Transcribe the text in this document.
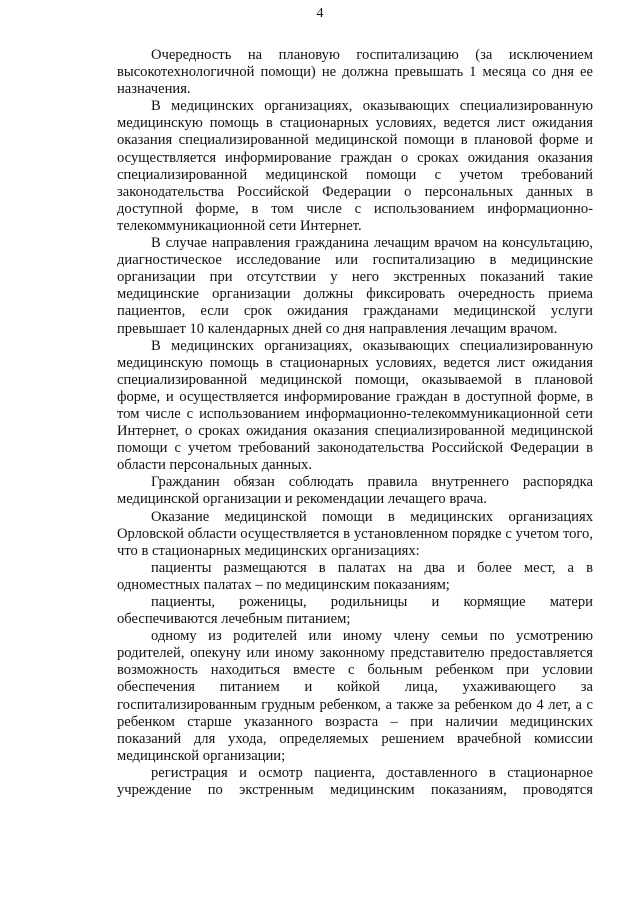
4

Очередность на плановую госпитализацию (за исключением высокотехнологичной помощи) не должна превышать 1 месяца со дня ее назначения.

В медицинских организациях, оказывающих специализированную медицинскую помощь в стационарных условиях, ведется лист ожидания оказания специализированной медицинской помощи в плановой форме и осуществляется информирование граждан о сроках ожидания оказания специализированной медицинской помощи с учетом требований законодательства Российской Федерации о персональных данных в доступной форме, в том числе с использованием информационно-телекоммуникационной сети Интернет.

В случае направления гражданина лечащим врачом на консультацию, диагностическое исследование или госпитализацию в медицинские организации при отсутствии у него экстренных показаний такие медицинские организации должны фиксировать очередность приема пациентов, если срок ожидания гражданами медицинской услуги превышает 10 календарных дней со дня направления лечащим врачом.

В медицинских организациях, оказывающих специализированную медицинскую помощь в стационарных условиях, ведется лист ожидания специализированной медицинской помощи, оказываемой в плановой форме, и осуществляется информирование граждан в доступной форме, в том числе с использованием информационно-телекоммуникационной сети Интернет, о сроках ожидания оказания специализированной медицинской помощи с учетом требований законодательства Российской Федерации в области персональных данных.

Гражданин обязан соблюдать правила внутреннего распорядка медицинской организации и рекомендации лечащего врача.

Оказание медицинской помощи в медицинских организациях Орловской области осуществляется в установленном порядке с учетом того, что в стационарных медицинских организациях:

пациенты размещаются в палатах на два и более мест, а в одноместных палатах – по медицинским показаниям;

пациенты, роженицы, родильницы и кормящие матери обеспечиваются лечебным питанием;

одному из родителей или иному члену семьи по усмотрению родителей, опекуну или иному законному представителю предоставляется возможность находиться вместе с больным ребенком при условии обеспечения питанием и койкой лица, ухаживающего за госпитализированным грудным ребенком, а также за ребенком до 4 лет, а с ребенком старше указанного возраста – при наличии медицинских показаний для ухода, определяемых решением врачебной комиссии медицинской организации;

регистрация и осмотр пациента, доставленного в стационарное учреждение по экстренным медицинским показаниям, проводятся
